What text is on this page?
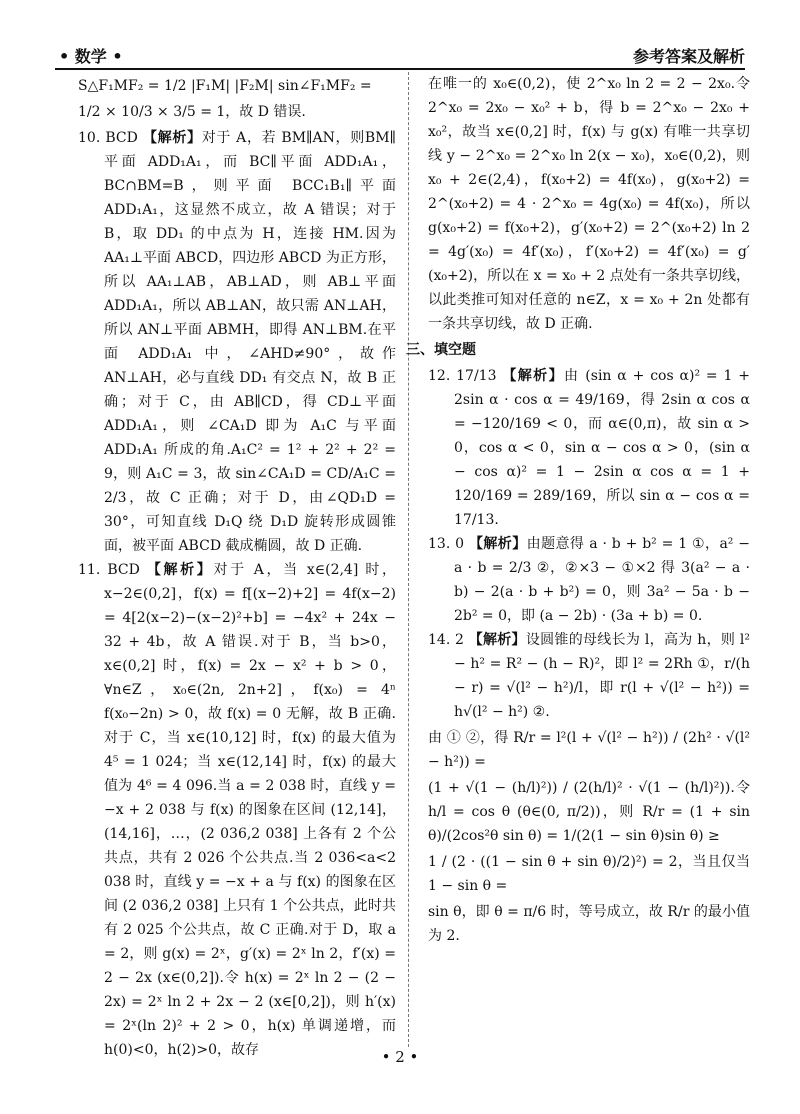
• 数学 •	参考答案及解析

S△F₁MF₂ = 1/2 |F₁M| |F₂M| sin∠F₁MF₂ =

1/2 × 10/3 × 3/5 = 1，故 D 错误.

10. BCD 【解析】对于 A，若 BM∥AN，则BM∥平面 ADD₁A₁，而 BC∥平面 ADD₁A₁，BC∩BM=B，则平面 BCC₁B₁∥平面 ADD₁A₁，这显然不成立，故 A 错误；对于 B，取 DD₁ 的中点为 H，连接 HM.因为 AA₁⊥平面 ABCD，四边形 ABCD 为正方形，所以 AA₁⊥AB，AB⊥AD，则 AB⊥平面 ADD₁A₁，所以 AB⊥AN，故只需 AN⊥AH，所以 AN⊥平面 ABMH，即得 AN⊥BM.在平面 ADD₁A₁ 中，∠AHD≠90°，故作 AN⊥AH，必与直线 DD₁ 有交点 N，故 B 正确；对于 C，由 AB∥CD，得 CD⊥平面 ADD₁A₁，则 ∠CA₁D 即为 A₁C 与平面 ADD₁A₁ 所成的角.A₁C² = 1² + 2² + 2² = 9，则 A₁C = 3，故 sin∠CA₁D = CD/A₁C = 2/3，故 C 正确；对于 D，由∠QD₁D = 30°，可知直线 D₁Q 绕 D₁D 旋转形成圆锥面，被平面 ABCD 截成椭圆，故 D 正确.

11. BCD 【解析】对于 A，当 x∈(2,4] 时，x−2∈(0,2]，f(x) = f[(x−2)+2] = 4f(x−2) = 4[2(x−2)−(x−2)²+b] = −4x² + 24x − 32 + 4b，故 A 错误.对于 B，当 b>0，x∈(0,2] 时，f(x) = 2x − x² + b > 0，∀n∈Z，x₀∈(2n, 2n+2]，f(x₀) = 4ⁿ f(x₀−2n) > 0，故 f(x) = 0 无解，故 B 正确.对于 C，当 x∈(10,12] 时，f(x) 的最大值为 4⁵ = 1 024；当 x∈(12,14] 时，f(x) 的最大值为 4⁶ = 4 096.当 a = 2 038 时，直线 y = −x + 2 038 与 f(x) 的图象在区间 (12,14]，(14,16]，…，(2 036,2 038] 上各有 2 个公共点，共有 2 026 个公共点.当 2 036<a<2 038 时，直线 y = −x + a 与 f(x) 的图象在区间 (2 036,2 038] 上只有 1 个公共点，此时共有 2 025 个公共点，故 C 正确.对于 D，取 a = 2，则 g(x) = 2ˣ，g′(x) = 2ˣ ln 2，f′(x) = 2 − 2x (x∈(0,2]).令 h(x) = 2ˣ ln 2 − (2 − 2x) = 2ˣ ln 2 + 2x − 2 (x∈[0,2])，则 h′(x) = 2ˣ(ln 2)² + 2 > 0，h(x) 单调递增，而 h(0)<0，h(2)>0，故存

在唯一的 x₀∈(0,2)，使 2^x₀ ln 2 = 2 − 2x₀.令 2^x₀ = 2x₀ − x₀² + b，得 b = 2^x₀ − 2x₀ + x₀²，故当 x∈(0,2] 时，f(x) 与 g(x) 有唯一共享切线 y − 2^x₀ = 2^x₀ ln 2(x − x₀)，x₀∈(0,2)，则 x₀ + 2∈(2,4)，f(x₀+2) = 4f(x₀)，g(x₀+2) = 2^(x₀+2) = 4 · 2^x₀ = 4g(x₀) = 4f(x₀)，所以 g(x₀+2) = f(x₀+2)，g′(x₀+2) = 2^(x₀+2) ln 2 = 4g′(x₀) = 4f′(x₀)，f′(x₀+2) = 4f′(x₀) = g′(x₀+2)，所以在 x = x₀ + 2 点处有一条共享切线，以此类推可知对任意的 n∈Z，x = x₀ + 2n 处都有一条共享切线，故 D 正确.

三、填空题

12. 17/13 【解析】由 (sin α + cos α)² = 1 + 2sin α · cos α = 49/169，得 2sin α cos α = −120/169 < 0，而 α∈(0,π)，故 sin α > 0，cos α < 0，sin α − cos α > 0，(sin α − cos α)² = 1 − 2sin α cos α = 1 + 120/169 = 289/169，所以 sin α − cos α = 17/13.

13. 0 【解析】由题意得 a · b + b² = 1 ①，a² − a · b = 2/3 ②，②×3 − ①×2 得 3(a² − a · b) − 2(a · b + b²) = 0，则 3a² − 5a · b − 2b² = 0，即 (a − 2b) · (3a + b) = 0.

14. 2 【解析】设圆锥的母线长为 l，高为 h，则 l² − h² = R² − (h − R)²，即 l² = 2Rh ①，r/(h − r) = √(l² − h²)/l，即 r(l + √(l² − h²)) = h√(l² − h²) ②.

由 ① ②，得 R/r = l²(l + √(l² − h²)) / (2h² · √(l² − h²)) =

(1 + √(1 − (h/l)²)) / (2(h/l)² · √(1 − (h/l)²)).令 h/l = cos θ (θ∈(0, π/2))，则 R/r = (1 + sin θ)/(2cos²θ sin θ) = 1/(2(1 − sin θ)sin θ) ≥

1 / (2 · ((1 − sin θ + sin θ)/2)²) = 2，当且仅当 1 − sin θ =

sin θ，即 θ = π/6 时，等号成立，故 R/r 的最小值为 2.

• 2 •
